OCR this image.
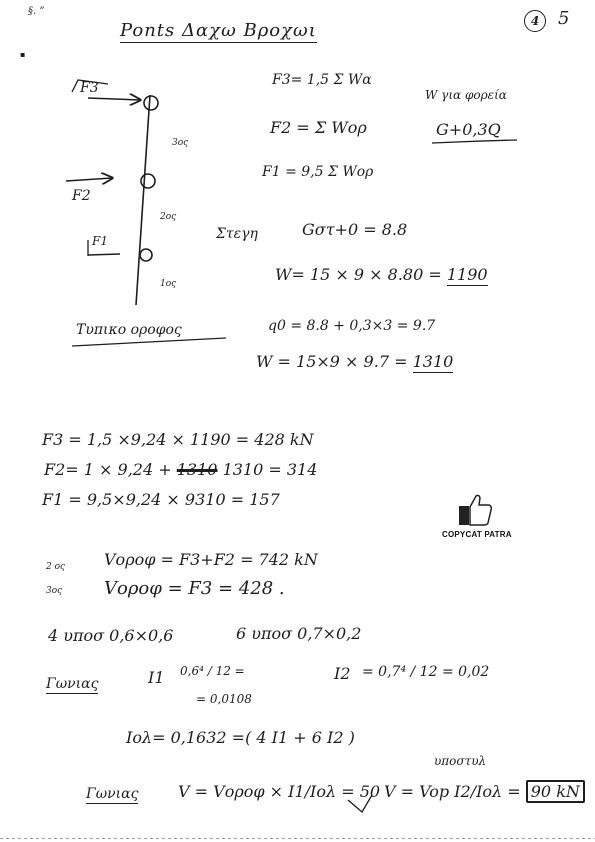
§. ”
▪
4	5
Ponts Δαχω Βροχωι
F3
3ος
F2
2ος
F1
1ος
Τυπικο οροφος
F3= 1,5 Σ Wα
W για φορεία
F2 = Σ Wορ	G+0,3Q
F1 = 9,5 Σ Wορ
Στεγη	Gστ+0 = 8.8
W= 15 × 9 × 8.80 = 1190
q0 = 8.8 + 0,3×3 = 9.7
W = 15×9 × 9.7 = 1310
F3 = 1,5 ×9,24 × 1190 = 428 kN
F2= 1 × 9,24 + 1310 1310 = 314
F1 = 9,5×9,24 × 9310 = 157
COPYCAT PATRA
2 ος Vοροφ = F3+F2 = 742 kN
3ος Vοροφ = F3 = 428 .
4 υποσ 0,6×0,6	6 υποσ 0,7×0,2
Γωνιας	I1 0,6⁴ / 12 =
= 0,0108
I2 = 0,7⁴ / 12 = 0,02
Iολ= 0,1632 =( 4 I1 + 6 I2 )
Γωνιας V = Vοροφ × I1/Iολ = 50
υποστυλ
V = Vop I2/Iολ = 90 kN
